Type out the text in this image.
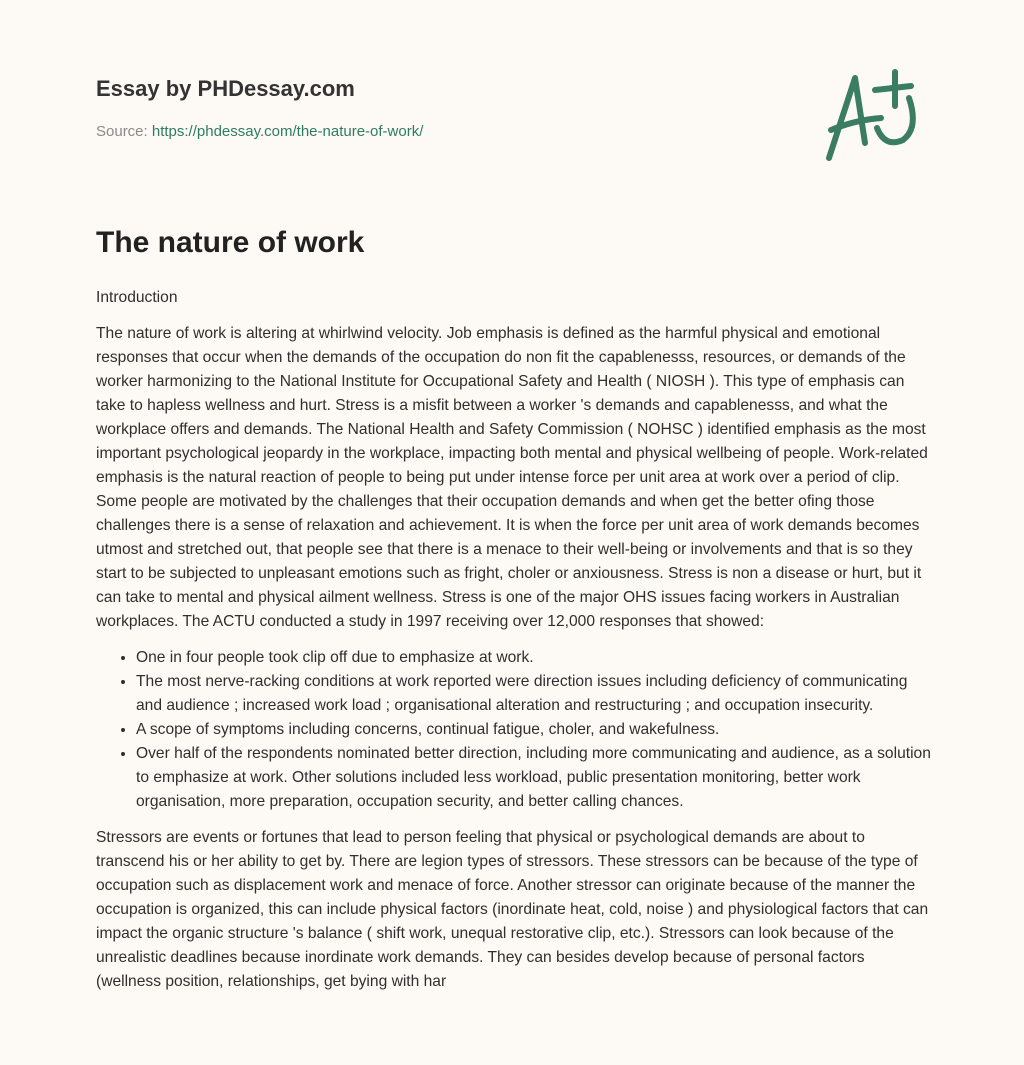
Essay by PHDessay.com
Source: https://phdessay.com/the-nature-of-work/
The nature of work

Introduction

The nature of work is altering at whirlwind velocity. Job emphasis is defined as the harmful physical and emotional responses that occur when the demands of the occupation do non fit the capablenesss, resources, or demands of the worker harmonizing to the National Institute for Occupational Safety and Health ( NIOSH ). This type of emphasis can take to hapless wellness and hurt. Stress is a misfit between a worker 's demands and capablenesss, and what the workplace offers and demands. The National Health and Safety Commission ( NOHSC ) identified emphasis as the most important psychological jeopardy in the workplace, impacting both mental and physical wellbeing of people. Work-related emphasis is the natural reaction of people to being put under intense force per unit area at work over a period of clip. Some people are motivated by the challenges that their occupation demands and when get the better ofing those challenges there is a sense of relaxation and achievement. It is when the force per unit area of work demands becomes utmost and stretched out, that people see that there is a menace to their well-being or involvements and that is so they start to be subjected to unpleasant emotions such as fright, choler or anxiousness. Stress is non a disease or hurt, but it can take to mental and physical ailment wellness. Stress is one of the major OHS issues facing workers in Australian workplaces. The ACTU conducted a study in 1997 receiving over 12,000 responses that showed:

• One in four people took clip off due to emphasize at work.
• The most nerve-racking conditions at work reported were direction issues including deficiency of communicating and audience ; increased work load ; organisational alteration and restructuring ; and occupation insecurity.
• A scope of symptoms including concerns, continual fatigue, choler, and wakefulness.
• Over half of the respondents nominated better direction, including more communicating and audience, as a solution to emphasize at work. Other solutions included less workload, public presentation monitoring, better work organisation, more preparation, occupation security, and better calling chances.

Stressors are events or fortunes that lead to person feeling that physical or psychological demands are about to transcend his or her ability to get by. There are legion types of stressors. These stressors can be because of the type of occupation such as displacement work and menace of force. Another stressor can originate because of the manner the occupation is organized, this can include physical factors (inordinate heat, cold, noise ) and physiological factors that can impact the organic structure 's balance ( shift work, unequal restorative clip, etc.). Stressors can look because of the unrealistic deadlines because inordinate work demands. They can besides develop because of personal factors (wellness position, relationships, get bying with har
